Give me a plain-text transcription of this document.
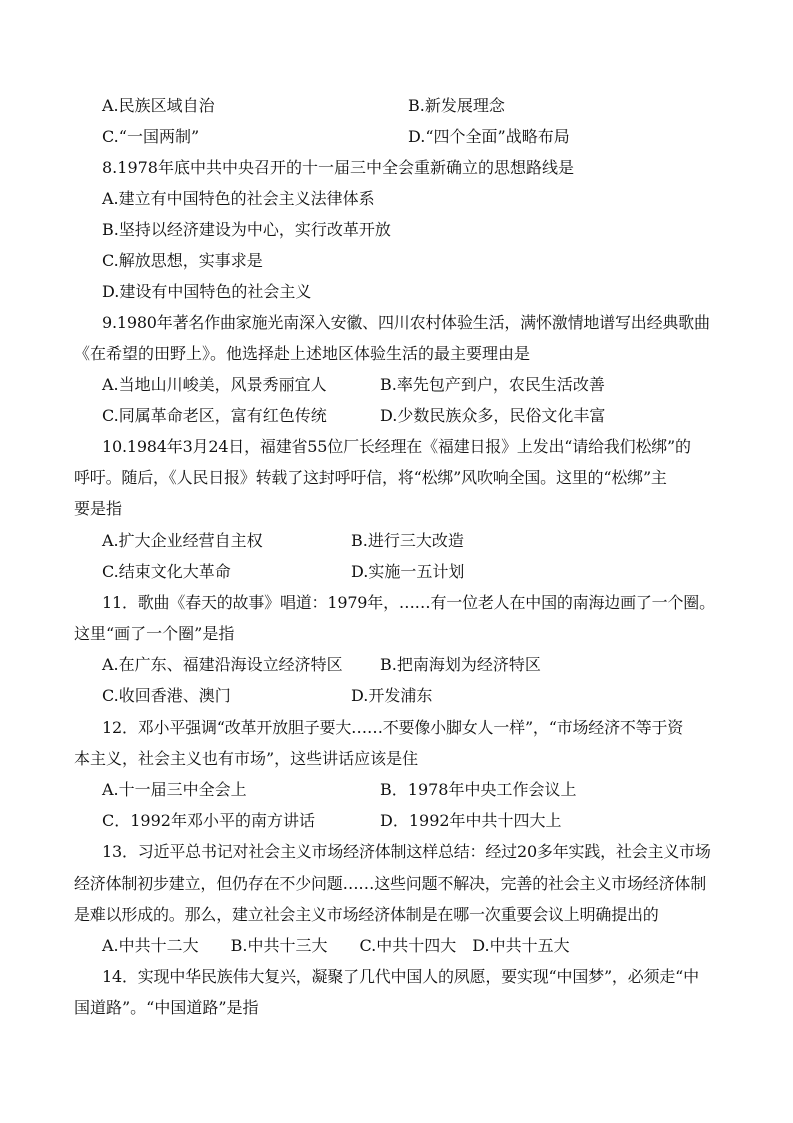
A.民族区域自治	B.新发展理念
C.“一国两制”	D.“四个全面”战略布局
8.1978年底中共中央召开的十一届三中全会重新确立的思想路线是
A.建立有中国特色的社会主义法律体系
B.坚持以经济建设为中心，实行改革开放
C.解放思想，实事求是
D.建设有中国特色的社会主义
9.1980年著名作曲家施光南深入安徽、四川农村体验生活，满怀激情地谱写出经典歌曲
《在希望的田野上》。他选择赴上述地区体验生活的最主要理由是
A.当地山川峻美，风景秀丽宜人	B.率先包产到户，农民生活改善
C.同属革命老区，富有红色传统	D.少数民族众多，民俗文化丰富
10.1984年3月24日，福建省55位厂长经理在《福建日报》上发出“请给我们松绑”的
呼吁。随后，《人民日报》转载了这封呼吁信，将“松绑”风吹响全国。这里的“松绑”主
要是指
A.扩大企业经营自主权	B.进行三大改造
C.结束文化大革命	D.实施一五计划
11．歌曲《春天的故事》唱道：1979年，……有一位老人在中国的南海边画了一个圈。
这里“画了一个圈”是指
A.在广东、福建沿海设立经济特区 B.把南海划为经济特区
C.收回香港、澳门	D.开发浦东
12．邓小平强调“改革开放胆子要大……不要像小脚女人一样”，“市场经济不等于资
本主义，社会主义也有市场”，这些讲话应该是住
A.十一届三中全会上	B．1978年中央工作会议上
C．1992年邓小平的南方讲话	D．1992年中共十四大上
13．习近平总书记对社会主义市场经济体制这样总结：经过20多年实践，社会主义市场
经济体制初步建立，但仍存在不少问题……这些问题不解决，完善的社会主义市场经济体制
是难以形成的。那么，建立社会主义市场经济体制是在哪一次重要会议上明确提出的
A.中共十二大　　B.中共十三大　　C.中共十四大　D.中共十五大
14．实现中华民族伟大复兴，凝聚了几代中国人的夙愿，要实现“中国梦”，必须走“中
国道路”。“中国道路”是指
